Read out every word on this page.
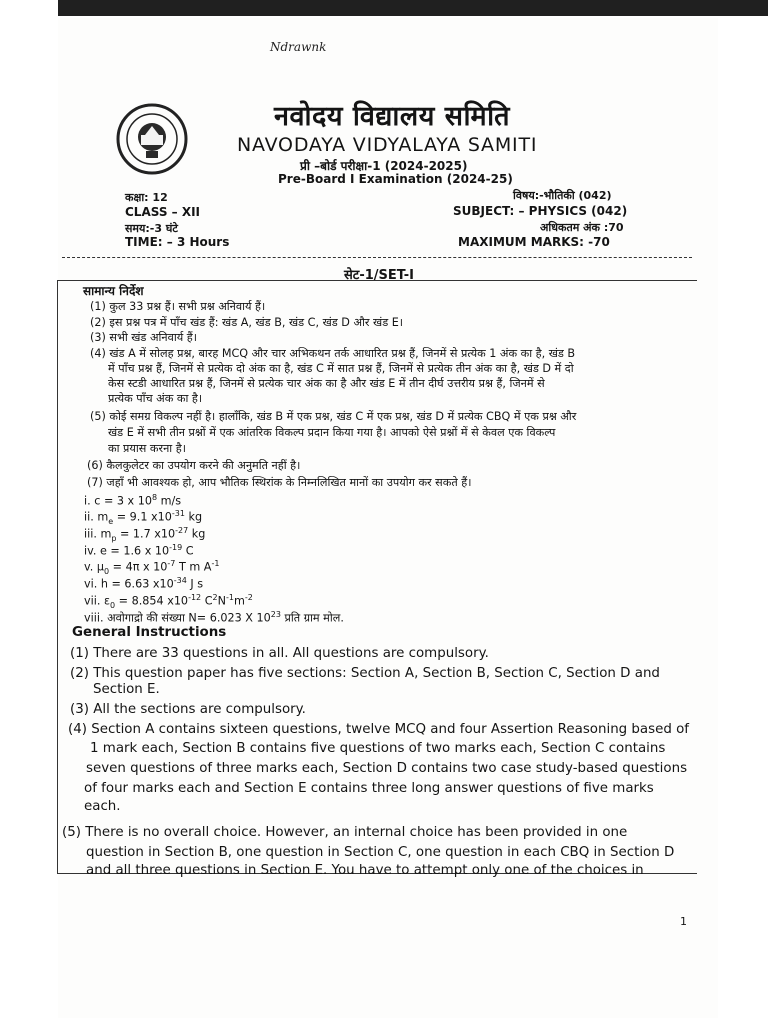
Ndrawnk
नवोदय विद्यालय समिति
NAVODAYA VIDYALAYA SAMITI
प्री –बोर्ड परीक्षा-1 (2024-2025)
Pre-Board I Examination (2024-25)
कक्षा: 12
CLASS – XII
समय:-3 घंटे
TIME: – 3 Hours
विषय:-भौतिकी (042)
SUBJECT: – PHYSICS (042)
अधिकतम अंक :70
MAXIMUM MARKS: -70
सेट-1/SET-I
सामान्य निर्देश
(1) कुल 33 प्रश्न हैं। सभी प्रश्न अनिवार्य हैं।
(2) इस प्रश्न पत्र में पाँच खंड हैं: खंड A, खंड B, खंड C, खंड D और खंड E।
(3) सभी खंड अनिवार्य हैं।
(4) खंड A में सोलह प्रश्न, बारह MCQ और चार अभिकथन तर्क आधारित प्रश्न हैं, जिनमें से प्रत्येक 1 अंक का है, खंड B
में पाँच प्रश्न हैं, जिनमें से प्रत्येक दो अंक का है, खंड C में सात प्रश्न हैं, जिनमें से प्रत्येक तीन अंक का है, खंड D में दो
केस स्टडी आधारित प्रश्न हैं, जिनमें से प्रत्येक चार अंक का है और खंड E में तीन दीर्घ उत्तरीय प्रश्न हैं, जिनमें से
प्रत्येक पाँच अंक का है।
(5) कोई समग्र विकल्प नहीं है। हालाँकि, खंड B में एक प्रश्न, खंड C में एक प्रश्न, खंड D में प्रत्येक CBQ में एक प्रश्न और
खंड E में सभी तीन प्रश्नों में एक आंतरिक विकल्प प्रदान किया गया है। आपको ऐसे प्रश्नों में से केवल एक विकल्प
का प्रयास करना है।
(6) कैलकुलेटर का उपयोग करने की अनुमति नहीं है।
(7) जहाँ भी आवश्यक हो, आप भौतिक स्थिरांक के निम्नलिखित मानों का उपयोग कर सकते हैं।
i. c = 3 x $10^8$ m/s
ii. $m_e = 9.1$ $x10^{-31}$ kg
iii. $m_p = 1.7$ $x10^{-27}$ kg
iv. e = 1.6 x $10^{-19}$ C
v. $\mu_0 = 4\pi$ x $10^{-7}$ T m $A^{-1}$
vi. h = 6.63 $x10^{-34}$ J s
vii. $\varepsilon_0 = 8.854$ $x10^{-12}$ $C^2N^{-1}m^{-2}$
viii. अवोगाद्रो की संख्या N= 6.023 X $10^{23}$ प्रति ग्राम मोल.
General Instructions
(1) There are 33 questions in all. All questions are compulsory.
(2) This question paper has five sections: Section A, Section B, Section C, Section D and
Section E.
(3) All the sections are compulsory.
(4) Section A contains sixteen questions, twelve MCQ and four Assertion Reasoning based of
1 mark each, Section B contains five questions of two marks each, Section C contains
seven questions of three marks each, Section D contains two case study-based questions
of four marks each and Section E contains three long answer questions of five marks
each.
(5) There is no overall choice. However, an internal choice has been provided in one
question in Section B, one question in Section C, one question in each CBQ in Section D
and all three questions in Section E. You have to attempt only one of the choices in
1
